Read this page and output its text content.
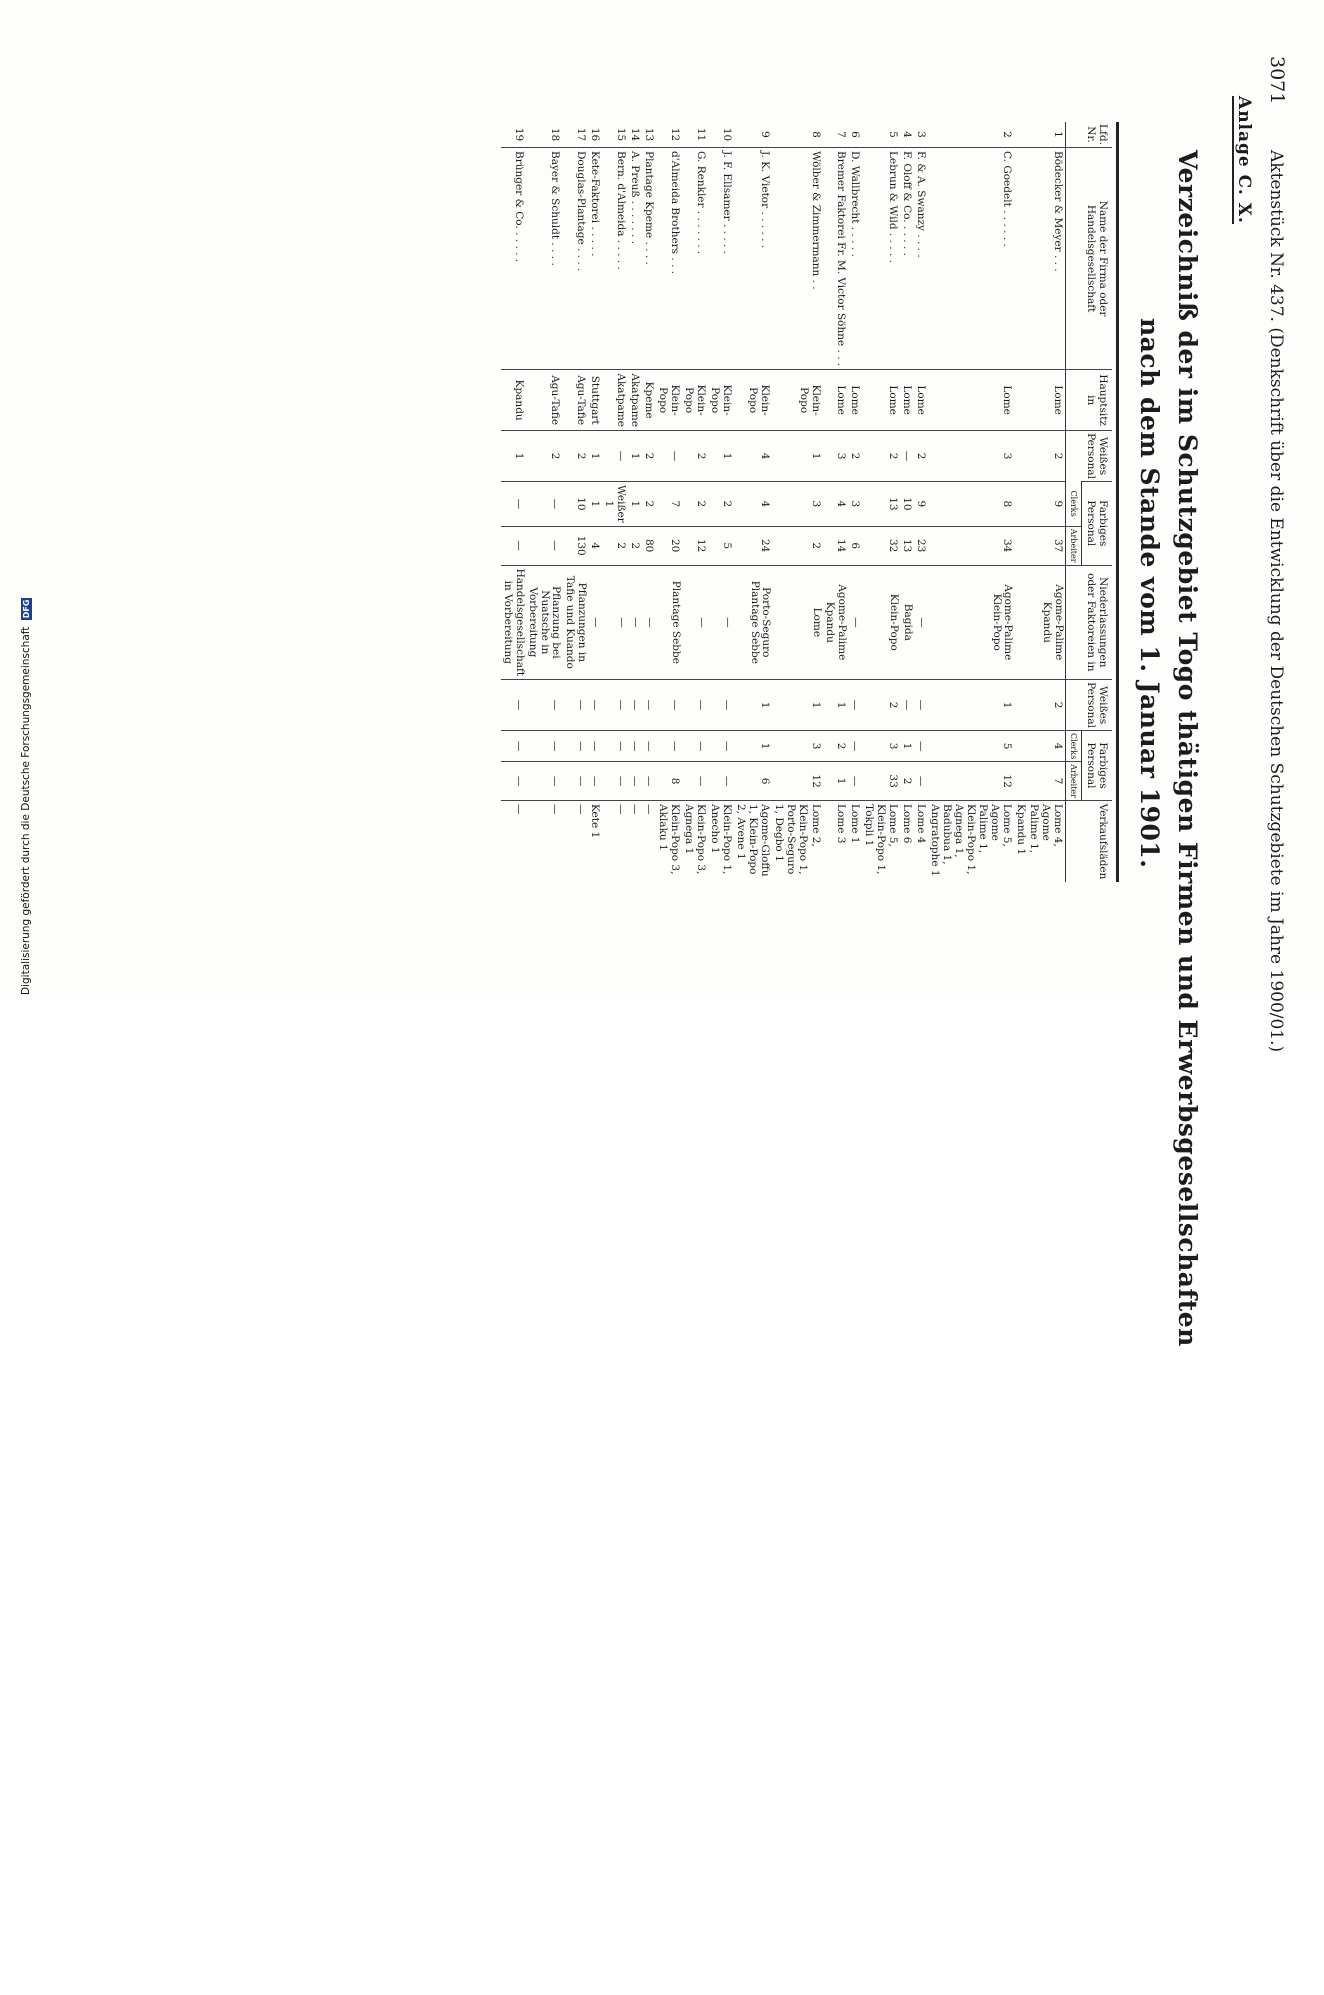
3071
Anlage C. X. Aktenstück Nr. 437. (Denkschrift über die Entwicklung der Deutschen Schutzgebiete im Jahre 1900/01.)
Verzeichniß der im Schutzgebiet Togo thätigen Firmen und Erwerbsgesellschaften
nach dem Stande vom 1. Januar 1901.
Lfd. Nr.	Name der Firma oder Handelsgesellschaft	Hauptsitz in	Weißes Personal	Farbiges Personal		Niederlassungen oder Faktoreien in	Weißes Personal	Farbiges Personal		Verkaufsläden
				Clerks	Arbeiter			Clerks	Arbeiter	
1	Bödecker & Meyer . . .	Lome	2	9	37	Agome-Palime Kpandu	2	4	7	Lome 4, Agome Palime 1, Kpandu 1
2	C. Goedelt . . . . . .	Lome	3	8	34	Agome-Palime Klein-Popo	1	5	12	Lome 5, Agome Palime 1, Klein-Popo 1, Agnega 1, Badubua 1, Angratophe 1
3	F. & A. Swanzy . . . .	Lome	2	9	23	—	—	—	—	Lome 4
4	F. Oloff & Co. . . . . .	Lome	—	10	13	Bagida	—	1	2	Lome 6
5	Lebrun & Wild . . . . .	Lome	2	13	32	Klein-Popo	2	3	33	Lome 5, Klein-Popo 1, Tokpli 1
6	D. Wallbrecht . . . . .	Lome	2	3	6	—	—	—	—	Lome 1
7	Bremer Faktorei Fr. M. Victor Söhne . . .	Lome	3	4	14	Agome-Palime Kpandu	1	2	1	Lome 3
8	Wölber & Zimmermann . .	Klein-Popo	1	3	2	Lome	1	3	12	Lome 2, Klein-Popo 1, Porto-Seguro 1, Degbo 1
9	J. K. Vietor . . . . . .	Klein-Popo	4	4	24	Porto-Seguro Plantage Sebbe	1	1	6	Agome-Gloffu 1, Klein-Popo 2, Avene 1
10	J. F. Ellsamer . . . . .	Klein-Popo	1	2	5	—	—	—	—	Klein-Popo 1, Anecho 1
11	G. Renkler . . . . . . .	Klein-Popo	2	2	12	—	—	—	—	Klein-Popo 3, Agnega 1
12	d'Almeida Brothers . . .	Klein-Popo	—	7	20	Plantage Sebbe	—	—	8	Klein-Popo 3, Aklaku 1
13	Plantage Kpeme . . . .	Kpeme	2	2	80	—	—	—	—	—
14	A. Preuß . . . . . . .	Akatpame	1	1	2	—	—	—	—	—
15	Bern. d'Almeida . . . . .	Akatpame	—	Weißer 1	2	—	—	—	—	—
16	Kete-Faktorei . . . . .	Stuttgart	1	1	4	—	—	—	—	Kete 1
17	Douglas-Plantage . . . .	Agu-Tafie	2	10	130	Pflanzungen in Tafie und Kuando	—	—	—	—
18	Bayer & Schuldt . . . .	Agu-Tafie	2	—	—	Pflanzung bei Nuatsche in Vorbereitung	—	—	—	—
19	Brünger & Co. . . . . .	Kpandu	1	—	—	Handelsgesellschaft in Vorbereitung	—	—	—	—
Digitalisierung gefördert durch die Deutsche Forschungsgemeinschaft DFG
